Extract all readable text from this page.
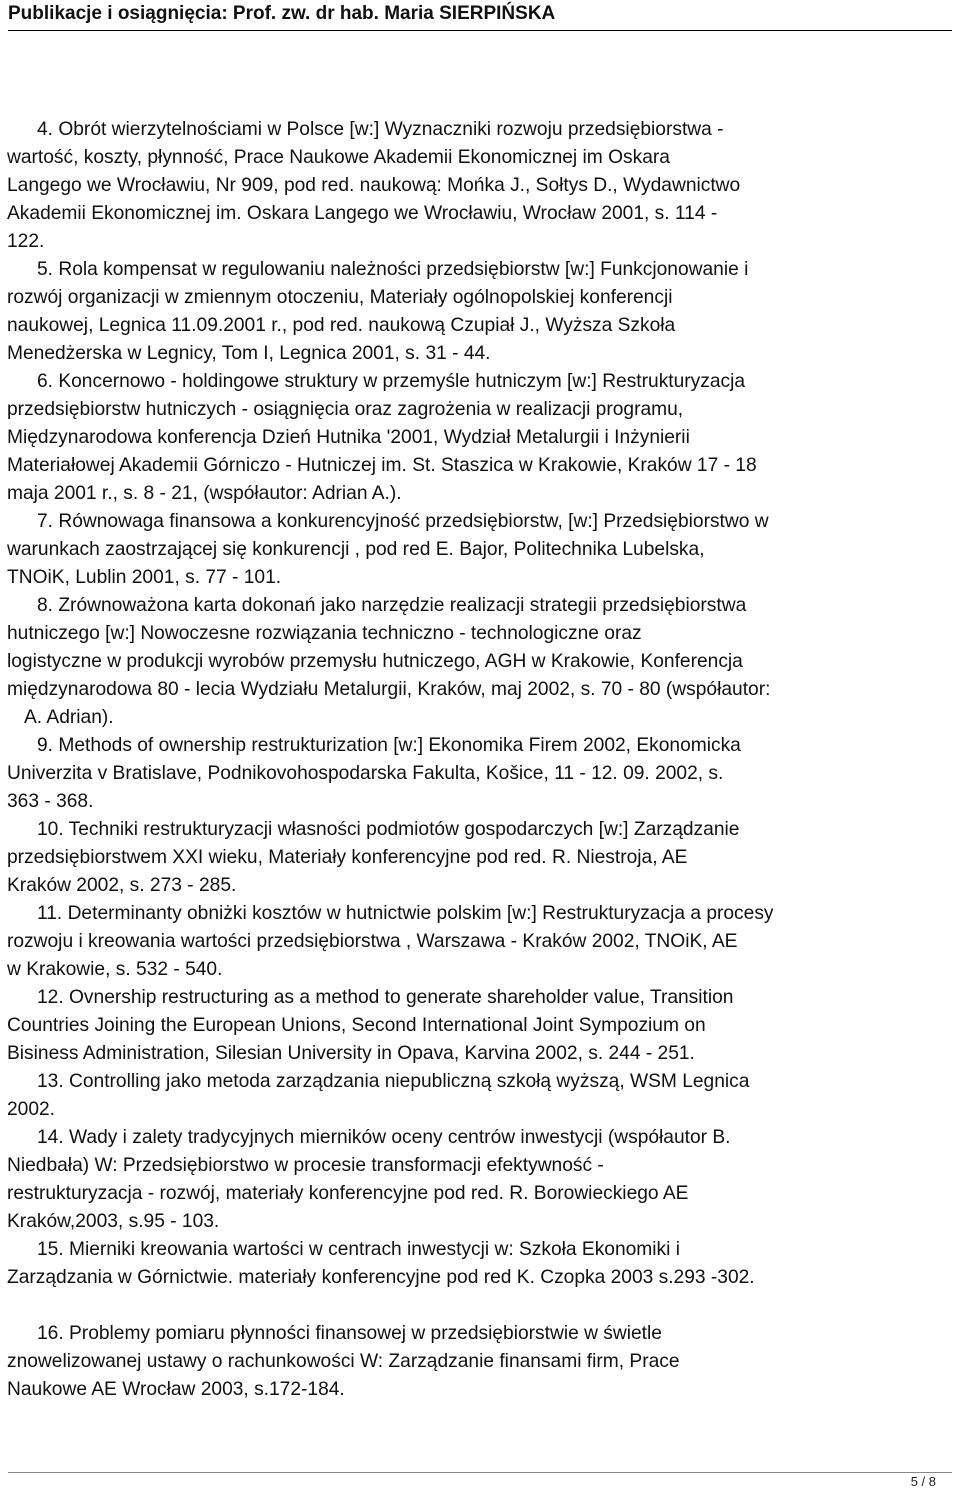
Publikacje i osiągnięcia: Prof. zw. dr hab. Maria SIERPIŃSKA
4. Obrót wierzytelnościami w Polsce [w:] Wyznaczniki rozwoju przedsiębiorstwa -
wartość, koszty, płynność, Prace Naukowe Akademii Ekonomicznej im Oskara
Langego we Wrocławiu, Nr 909, pod red. naukową: Mońka J., Sołtys D., Wydawnictwo
Akademii Ekonomicznej im. Oskara Langego we Wrocławiu, Wrocław 2001, s. 114 -
122.
5. Rola kompensat w regulowaniu należności przedsiębiorstw [w:] Funkcjonowanie i
rozwój organizacji w zmiennym otoczeniu, Materiały ogólnopolskiej konferencji
naukowej, Legnica 11.09.2001 r., pod red. naukową Czupiał J., Wyższa Szkoła
Menedżerska w Legnicy, Tom I, Legnica 2001, s. 31 - 44.
6. Koncernowo - holdingowe struktury w przemyśle hutniczym [w:] Restrukturyzacja
przedsiębiorstw hutniczych - osiągnięcia oraz zagrożenia w realizacji programu,
Międzynarodowa konferencja Dzień Hutnika '2001, Wydział Metalurgii i Inżynierii
Materiałowej Akademii Górniczo - Hutniczej im. St. Staszica w Krakowie, Kraków 17 - 18
maja 2001 r., s. 8 - 21, (współautor: Adrian A.).
7. Równowaga finansowa a konkurencyjność przedsiębiorstw, [w:] Przedsiębiorstwo w
warunkach zaostrzającej się konkurencji , pod red E. Bajor, Politechnika Lubelska,
TNOiK, Lublin 2001, s. 77 - 101.
8. Zrównoważona karta dokonań jako narzędzie realizacji strategii przedsiębiorstwa
hutniczego [w:] Nowoczesne rozwiązania techniczno - technologiczne oraz
logistyczne w produkcji wyrobów przemysłu hutniczego, AGH w Krakowie, Konferencja
międzynarodowa 80 - lecia Wydziału Metalurgii, Kraków, maj 2002, s. 70 - 80 (współautor:
A. Adrian).
9. Methods of ownership restrukturization [w:] Ekonomika Firem 2002, Ekonomicka
Univerzita v Bratislave, Podnikovohospodarska Fakulta, Košice, 11 - 12. 09. 2002, s.
363 - 368.
10. Techniki restrukturyzacji własności podmiotów gospodarczych [w:] Zarządzanie
przedsiębiorstwem XXI wieku, Materiały konferencyjne pod red. R. Niestroja, AE
Kraków 2002, s. 273 - 285.
11. Determinanty obniżki kosztów w hutnictwie polskim [w:] Restrukturyzacja a procesy
rozwoju i kreowania wartości przedsiębiorstwa , Warszawa - Kraków 2002, TNOiK, AE
w Krakowie, s. 532 - 540.
12. Ovnership restructuring as a method to generate shareholder value, Transition
Countries Joining the European Unions, Second International Joint Sympozium on
Bisiness Administration, Silesian University in Opava, Karvina 2002, s. 244 - 251.
13. Controlling jako metoda zarządzania niepubliczną szkołą wyższą, WSM Legnica
2002.
14. Wady i zalety tradycyjnych mierników oceny centrów inwestycji (współautor B.
Niedbała) W: Przedsiębiorstwo w procesie transformacji efektywność -
restrukturyzacja - rozwój, materiały konferencyjne pod red. R. Borowieckiego AE
Kraków,2003, s.95 - 103.
15. Mierniki kreowania wartości w centrach inwestycji w: Szkoła Ekonomiki i
Zarządzania w Górnictwie. materiały konferencyjne pod red K. Czopka 2003 s.293 -302.
16. Problemy pomiaru płynności finansowej w przedsiębiorstwie w świetle
znowelizowanej ustawy o rachunkowości W: Zarządzanie finansami firm, Prace
Naukowe AE Wrocław 2003, s.172-184.
5 / 8
